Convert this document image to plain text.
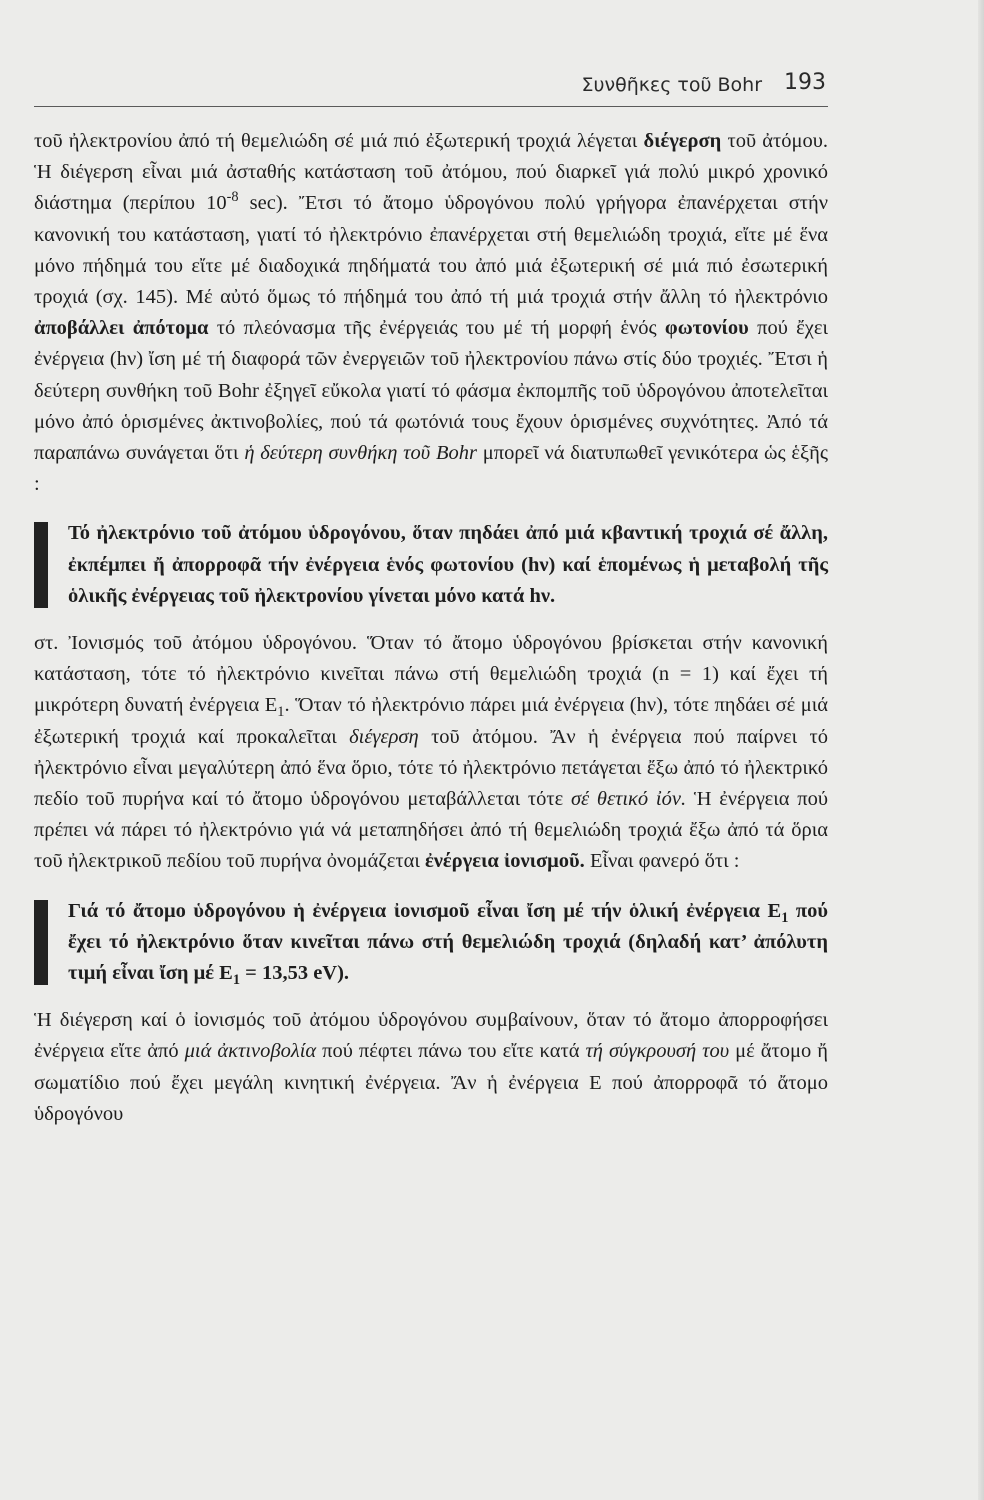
Συνθῆκες τοῦ Bohr 193

τοῦ ἠλεκτρονίου ἀπό τή θεμελιώδη σέ μιά πιό ἐξωτερική τροχιά λέγεται διέγερση τοῦ ἀτόμου. Ἡ διέγερση εἶναι μιά ἀσταθής κατάσταση τοῦ ἀτόμου, πού διαρκεῖ γιά πολύ μικρό χρονικό διάστημα (περίπου $10^{-8}$ sec). Ἔτσι τό ἄτομο ὑδρογόνου πολύ γρήγορα ἐπανέρχεται στήν κανονική του κατάσταση, γιατί τό ἠλεκτρόνιο ἐπανέρχεται στή θεμελιώδη τροχιά, εἴτε μέ ἕνα μόνο πήδημά του εἴτε μέ διαδοχικά πηδήματά του ἀπό μιά ἐξωτερική σέ μιά πιό ἐσωτερική τροχιά (σχ. 145). Μέ αὐτό ὅμως τό πήδημά του ἀπό τή μιά τροχιά στήν ἄλλη τό ἠλεκτρόνιο ἀποβάλλει ἀπότομα τό πλεόνασμα τῆς ἐνέργειάς του μέ τή μορφή ἑνός φωτονίου πού ἔχει ἐνέργεια (hν) ἴση μέ τή διαφορά τῶν ἐνεργειῶν τοῦ ἠλεκτρονίου πάνω στίς δύο τροχιές. Ἔτσι ἡ δεύτερη συνθήκη τοῦ Bohr ἐξηγεῖ εὔκολα γιατί τό φάσμα ἐκπομπῆς τοῦ ὑδρογόνου ἀποτελεῖται μόνο ἀπό ὁρισμένες ἀκτινοβολίες, πού τά φωτόνιά τους ἔχουν ὁρισμένες συχνότητες. Ἀπό τά παραπάνω συνάγεται ὅτι ἡ δεύτερη συνθήκη τοῦ Bohr μπορεῖ νά διατυπωθεῖ γενικότερα ὡς ἑξῆς :

Τό ἠλεκτρόνιο τοῦ ἀτόμου ὑδρογόνου, ὅταν πηδάει ἀπό μιά κβαντική τροχιά σέ ἄλλη, ἐκπέμπει ἤ ἀπορροφᾶ τήν ἐνέργεια ἑνός φωτονίου (hν) καί ἑπομένως ἡ μεταβολή τῆς ὁλικῆς ἐνέργειας τοῦ ἠλεκτρονίου γίνεται μόνο κατά hν.

στ. Ἰονισμός τοῦ ἀτόμου ὑδρογόνου. Ὅταν τό ἄτομο ὑδρογόνου βρίσκεται στήν κανονική κατάσταση, τότε τό ἠλεκτρόνιο κινεῖται πάνω στή θεμελιώδη τροχιά (n = 1) καί ἔχει τή μικρότερη δυνατή ἐνέργεια $E_1$. Ὅταν τό ἠλεκτρόνιο πάρει μιά ἐνέργεια (hν), τότε πηδάει σέ μιά ἐξωτερική τροχιά καί προκαλεῖται διέγερση τοῦ ἀτόμου. Ἄν ἡ ἐνέργεια πού παίρνει τό ἠλεκτρόνιο εἶναι μεγαλύτερη ἀπό ἕνα ὅριο, τότε τό ἠλεκτρόνιο πετάγεται ἔξω ἀπό τό ἠλεκτρικό πεδίο τοῦ πυρήνα καί τό ἄτομο ὑδρογόνου μεταβάλλεται τότε σέ θετικό ἰόν. Ἡ ἐνέργεια πού πρέπει νά πάρει τό ἠλεκτρόνιο γιά νά μεταπηδήσει ἀπό τή θεμελιώδη τροχιά ἔξω ἀπό τά ὅρια τοῦ ἠλεκτρικοῦ πεδίου τοῦ πυρήνα ὀνομάζεται ἐνέργεια ἰονισμοῦ. Εἶναι φανερό ὅτι :

Γιά τό ἄτομο ὑδρογόνου ἡ ἐνέργεια ἰονισμοῦ εἶναι ἴση μέ τήν ὁλική ἐνέργεια $E_1$ πού ἔχει τό ἠλεκτρόνιο ὅταν κινεῖται πάνω στή θεμελιώδη τροχιά (δηλαδή κατ’ ἀπόλυτη τιμή εἶναι ἴση μέ $E_1 = 13,53$ eV).

Ἡ διέγερση καί ὁ ἰονισμός τοῦ ἀτόμου ὑδρογόνου συμβαίνουν, ὅταν τό ἄτομο ἀπορροφήσει ἐνέργεια εἴτε ἀπό μιά ἀκτινοβολία πού πέφτει πάνω του εἴτε κατά τή σύγκρουσή του μέ ἄτομο ἤ σωματίδιο πού ἔχει μεγάλη κινητική ἐνέργεια. Ἄν ἡ ἐνέργεια E πού ἀπορροφᾶ τό ἄτομο ὑδρογόνου
